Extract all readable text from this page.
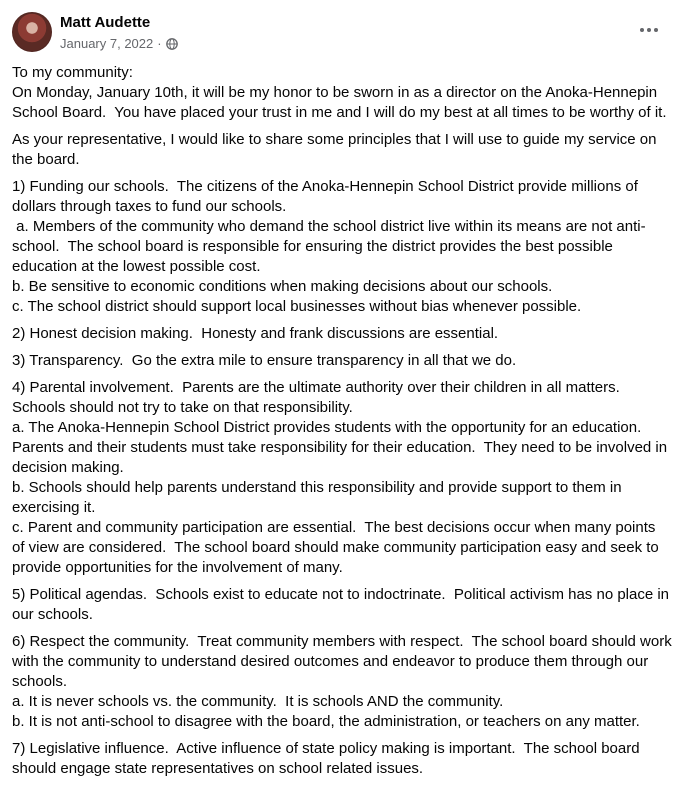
Matt Audette
January 7, 2022 ·

To my community:
On Monday, January 10th, it will be my honor to be sworn in as a director on the Anoka-Hennepin School Board.  You have placed your trust in me and I will do my best at all times to be worthy of it.

As your representative, I would like to share some principles that I will use to guide my service on the board.

1) Funding our schools.  The citizens of the Anoka-Hennepin School District provide millions of dollars through taxes to fund our schools.
a. Members of the community who demand the school district live within its means are not anti-school.  The school board is responsible for ensuring the district provides the best possible education at the lowest possible cost.
b. Be sensitive to economic conditions when making decisions about our schools.
c. The school district should support local businesses without bias whenever possible.

2) Honest decision making.  Honesty and frank discussions are essential.

3) Transparency.  Go the extra mile to ensure transparency in all that we do.

4) Parental involvement.  Parents are the ultimate authority over their children in all matters.  Schools should not try to take on that responsibility.
a. The Anoka-Hennepin School District provides students with the opportunity for an education.  Parents and their students must take responsibility for their education.  They need to be involved in decision making.
b. Schools should help parents understand this responsibility and provide support to them in exercising it.
c. Parent and community participation are essential.  The best decisions occur when many points of view are considered.  The school board should make community participation easy and seek to provide opportunities for the involvement of many.

5) Political agendas.  Schools exist to educate not to indoctrinate.  Political activism has no place in our schools.

6) Respect the community.  Treat community members with respect.  The school board should work with the community to understand desired outcomes and endeavor to produce them through our schools.
a. It is never schools vs. the community.  It is schools AND the community.
b. It is not anti-school to disagree with the board, the administration, or teachers on any matter.

7) Legislative influence.  Active influence of state policy making is important.  The school board should engage state representatives on school related issues.
